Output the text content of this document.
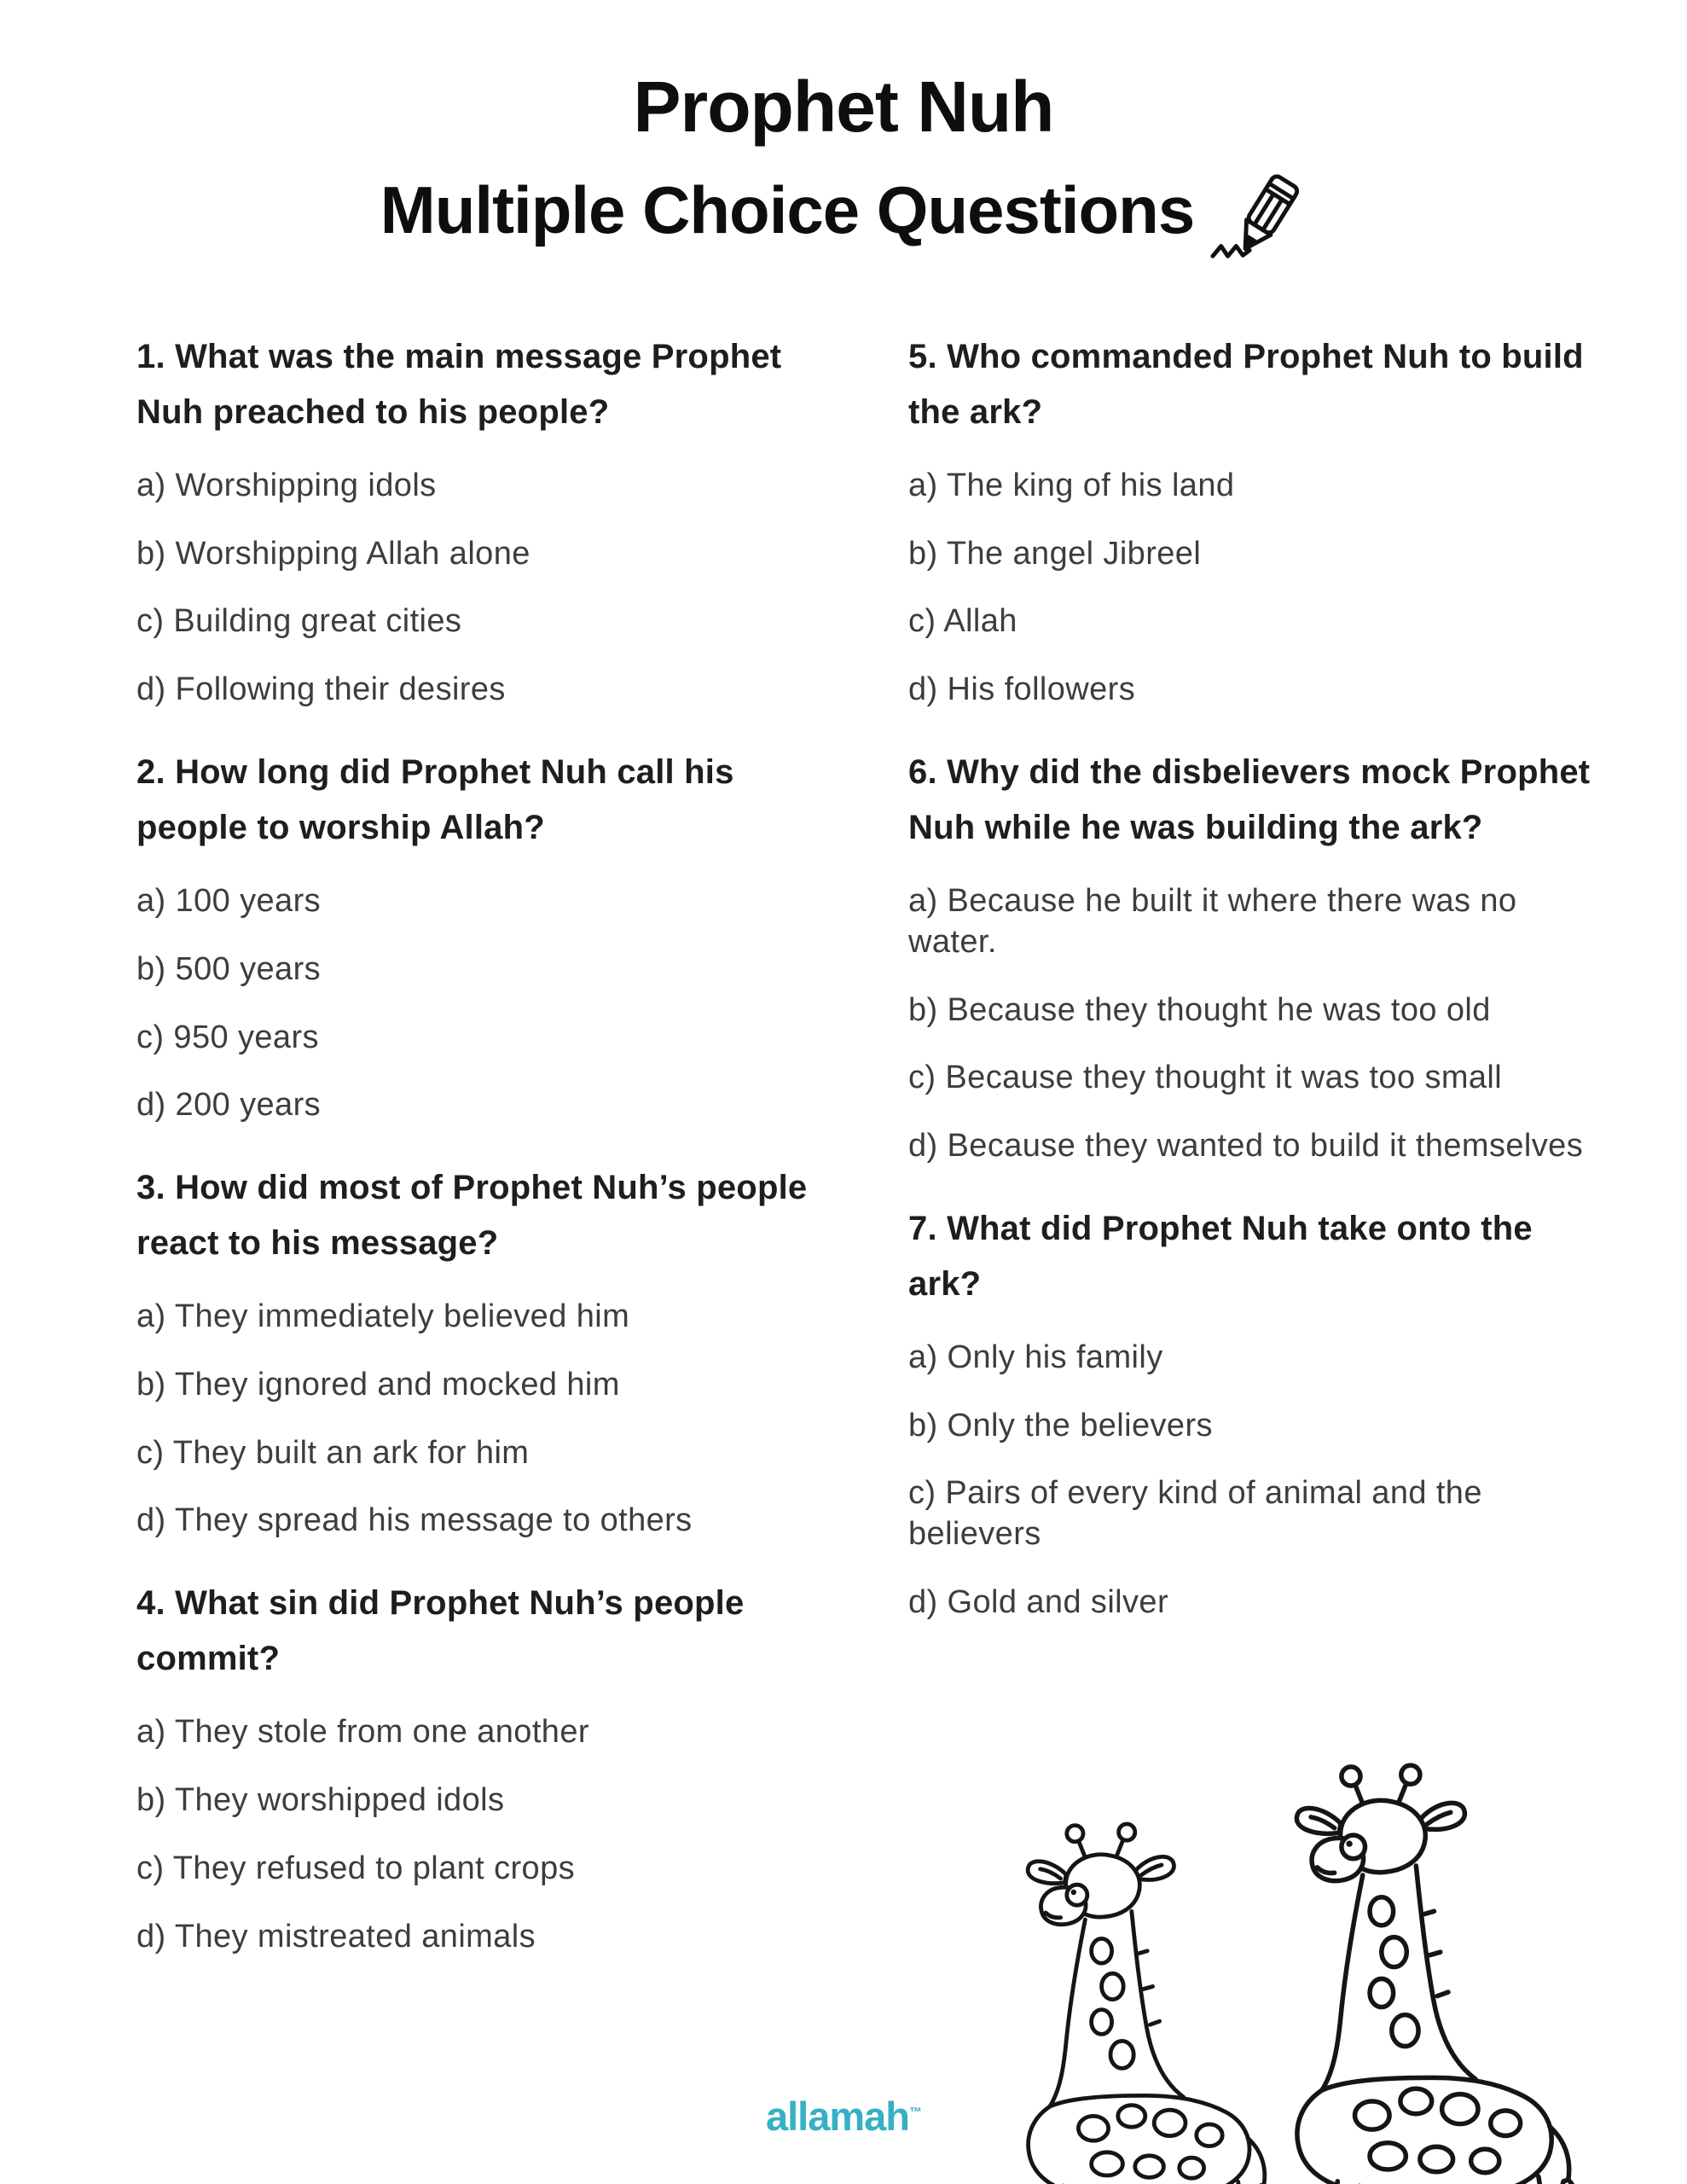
Prophet Nuh
Multiple Choice Questions
1. What was the main message Prophet Nuh preached to his people?

a) Worshipping idols

b) Worshipping Allah alone

c) Building great cities

d) Following their desires

2. How long did Prophet Nuh call his people to worship Allah?

a) 100 years

b) 500 years

c) 950 years

d) 200 years

3. How did most of Prophet Nuh’s people react to his message?

a) They immediately believed him

b) They ignored and mocked him

c) They built an ark for him

d) They spread his message to others

4. What sin did Prophet Nuh’s people commit?

a) They stole from one another

b) They worshipped idols

c) They refused to plant crops

d) They mistreated animals

5. Who commanded Prophet Nuh to build the ark?

a) The king of his land

b) The angel Jibreel

c) Allah

d) His followers

6. Why did the disbelievers mock Prophet Nuh while he was building the ark?

a) Because he built it where there was no water.

b) Because they thought he was too old

c) Because they thought it was too small

d) Because they wanted to build it themselves

7. What did Prophet Nuh take onto the ark?

a) Only his family

b) Only the believers

c) Pairs of every kind of animal and the believers

d) Gold and silver

allamah™
